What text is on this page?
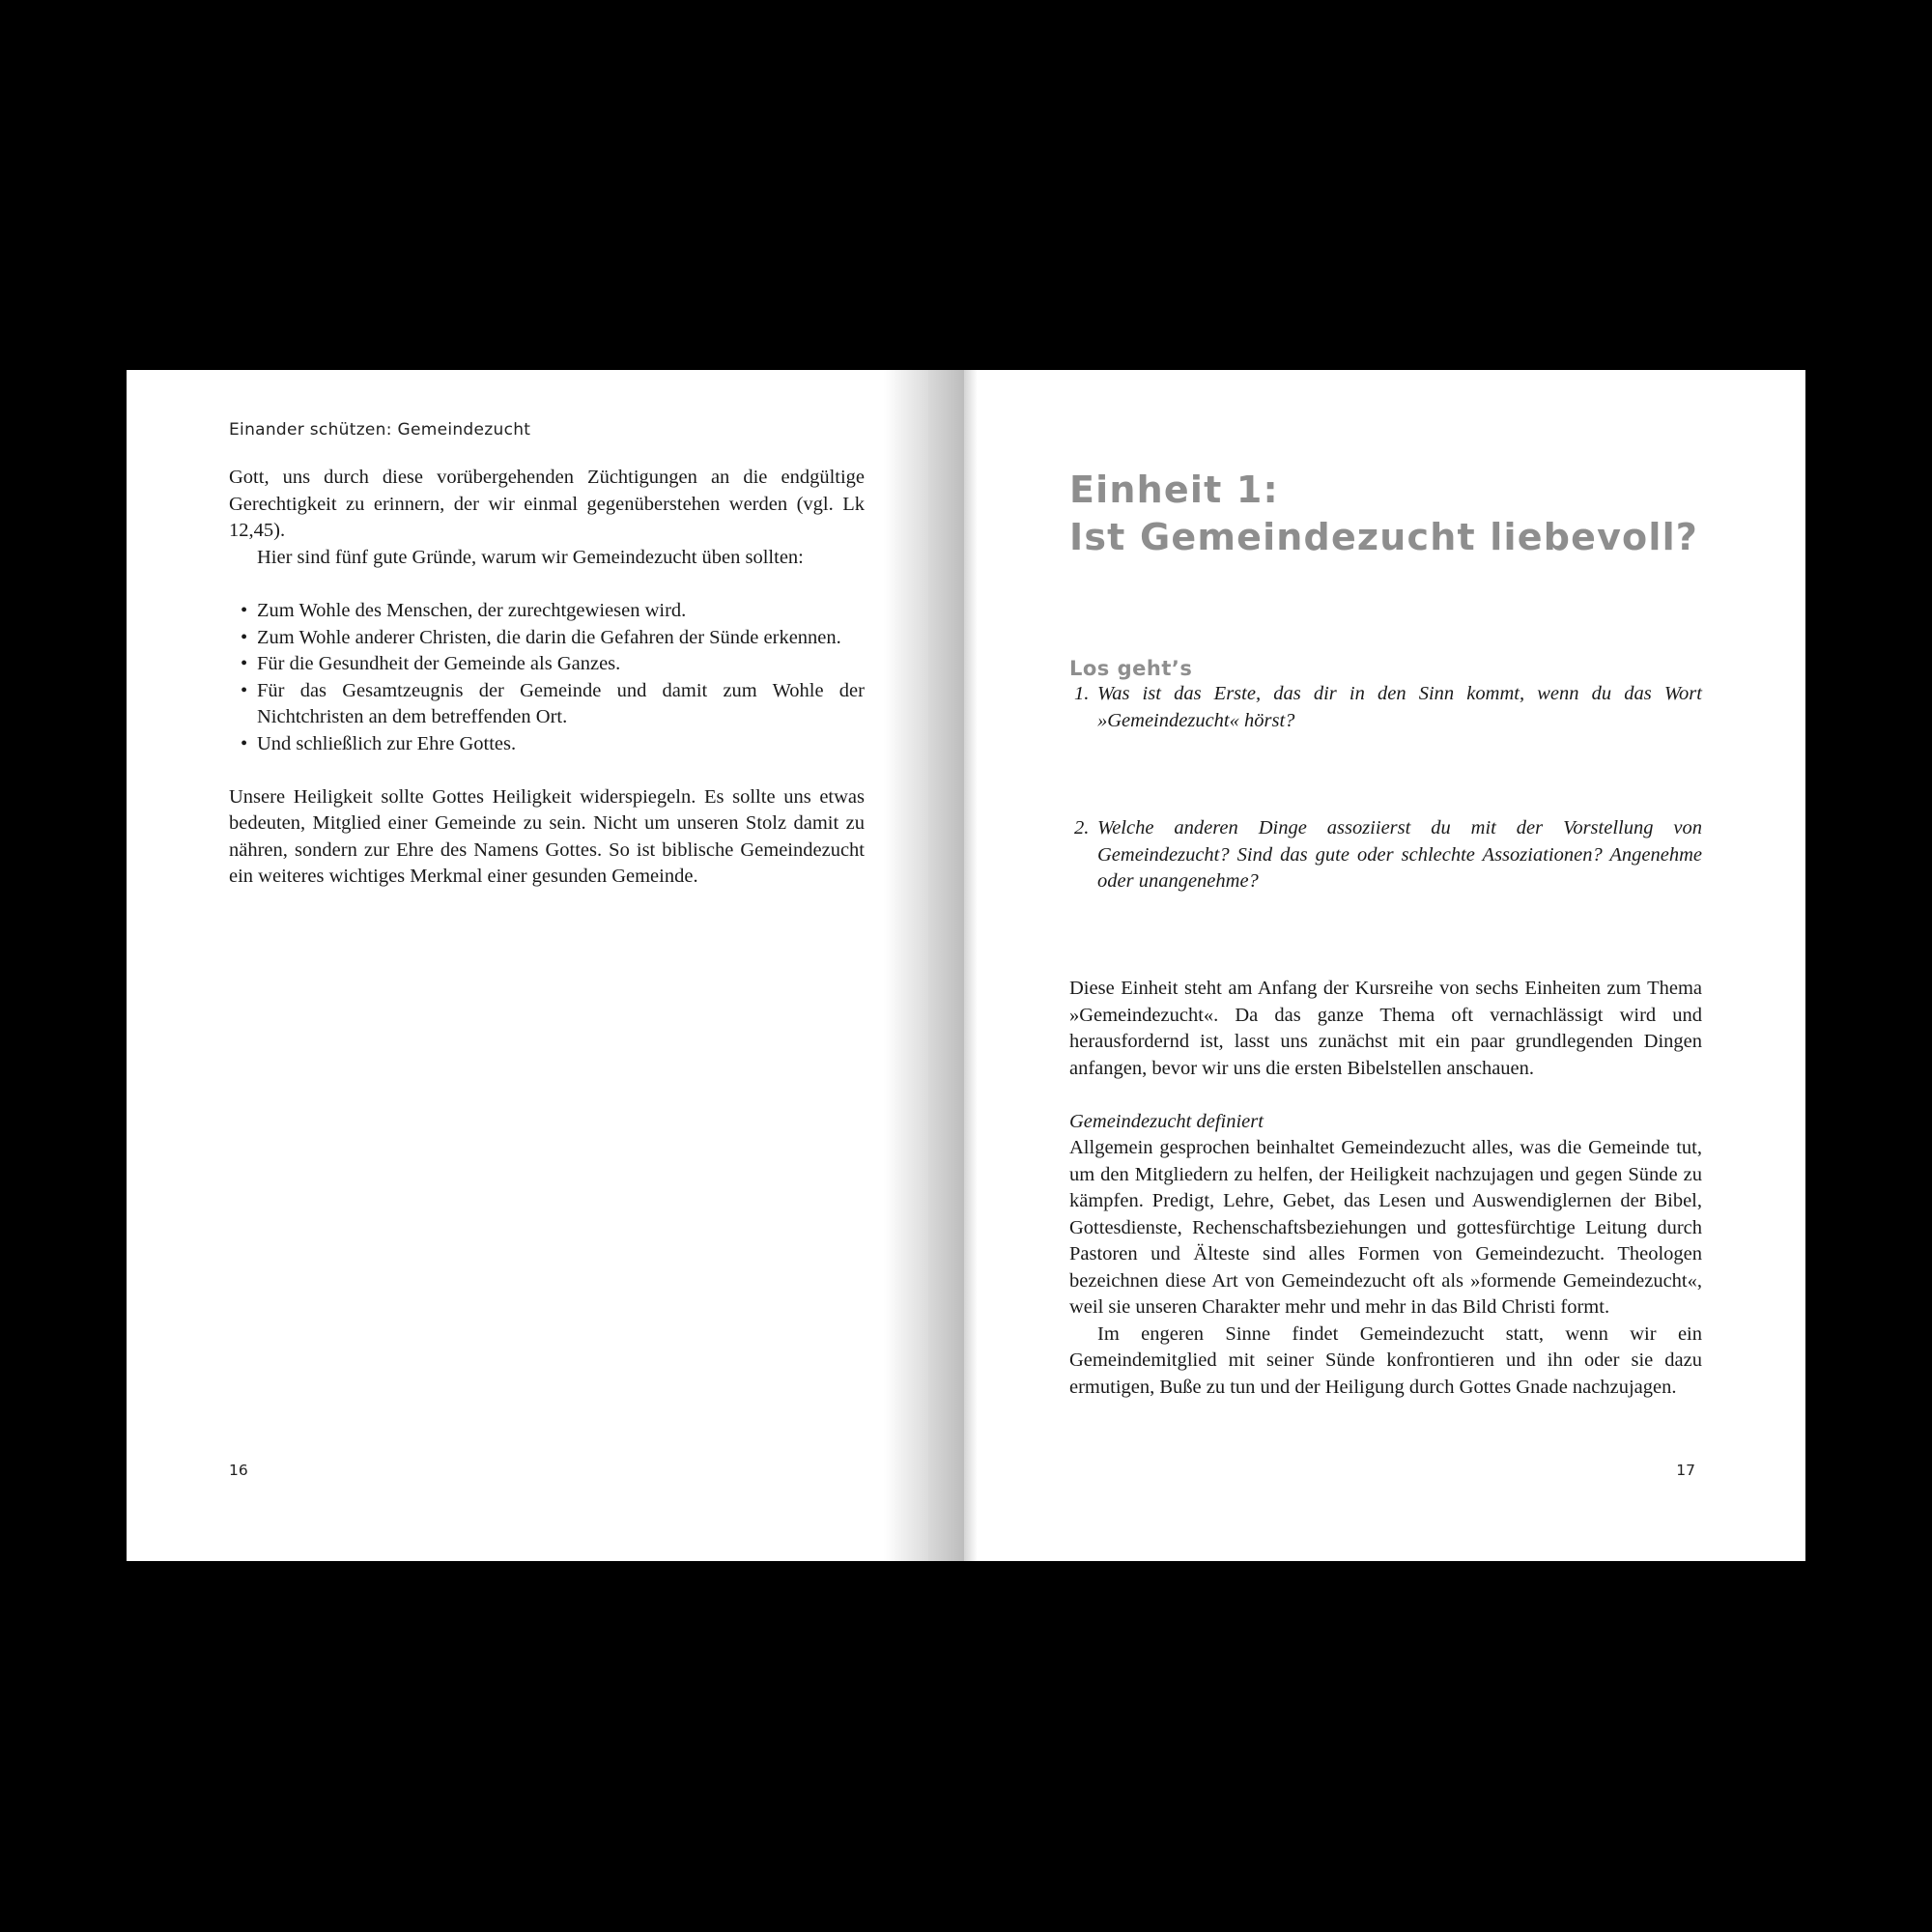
Einander schützen: Gemeindezucht

Gott, uns durch diese vorübergehenden Züchtigungen an die endgültige Gerechtigkeit zu erinnern, der wir einmal gegenüberstehen werden (vgl. Lk 12,45).

Hier sind fünf gute Gründe, warum wir Gemeindezucht üben sollten:

• Zum Wohle des Menschen, der zurechtgewiesen wird.
• Zum Wohle anderer Christen, die darin die Gefahren der Sünde erkennen.
• Für die Gesundheit der Gemeinde als Ganzes.
• Für das Gesamtzeugnis der Gemeinde und damit zum Wohle der Nichtchristen an dem betreffenden Ort.
• Und schließlich zur Ehre Gottes.

Unsere Heiligkeit sollte Gottes Heiligkeit widerspiegeln. Es sollte uns etwas bedeuten, Mitglied einer Gemeinde zu sein. Nicht um unseren Stolz damit zu nähren, sondern zur Ehre des Namens Gottes. So ist biblische Gemeindezucht ein weiteres wichtiges Merkmal einer gesunden Gemeinde.

16
Einheit 1:
Ist Gemeindezucht liebevoll?
Los geht’s
1. Was ist das Erste, das dir in den Sinn kommt, wenn du das Wort »Gemeindezucht« hörst?
2. Welche anderen Dinge assoziierst du mit der Vorstellung von Gemeindezucht? Sind das gute oder schlechte Assoziationen? Angenehme oder unangenehme?

Diese Einheit steht am Anfang der Kursreihe von sechs Einheiten zum Thema »Gemeindezucht«. Da das ganze Thema oft vernachlässigt wird und herausfordernd ist, lasst uns zunächst mit ein paar grundlegenden Dingen anfangen, bevor wir uns die ersten Bibelstellen anschauen.

Gemeindezucht definiert

Allgemein gesprochen beinhaltet Gemeindezucht alles, was die Gemeinde tut, um den Mitgliedern zu helfen, der Heiligkeit nachzujagen und gegen Sünde zu kämpfen. Predigt, Lehre, Gebet, das Lesen und Auswendiglernen der Bibel, Gottesdienste, Rechenschaftsbeziehungen und gottesfürchtige Leitung durch Pastoren und Älteste sind alles Formen von Gemeindezucht. Theologen bezeichnen diese Art von Gemeindezucht oft als »formende Gemeindezucht«, weil sie unseren Charakter mehr und mehr in das Bild Christi formt.

Im engeren Sinne findet Gemeindezucht statt, wenn wir ein Gemeindemitglied mit seiner Sünde konfrontieren und ihn oder sie dazu ermutigen, Buße zu tun und der Heiligung durch Gottes Gnade nachzujagen.

17
